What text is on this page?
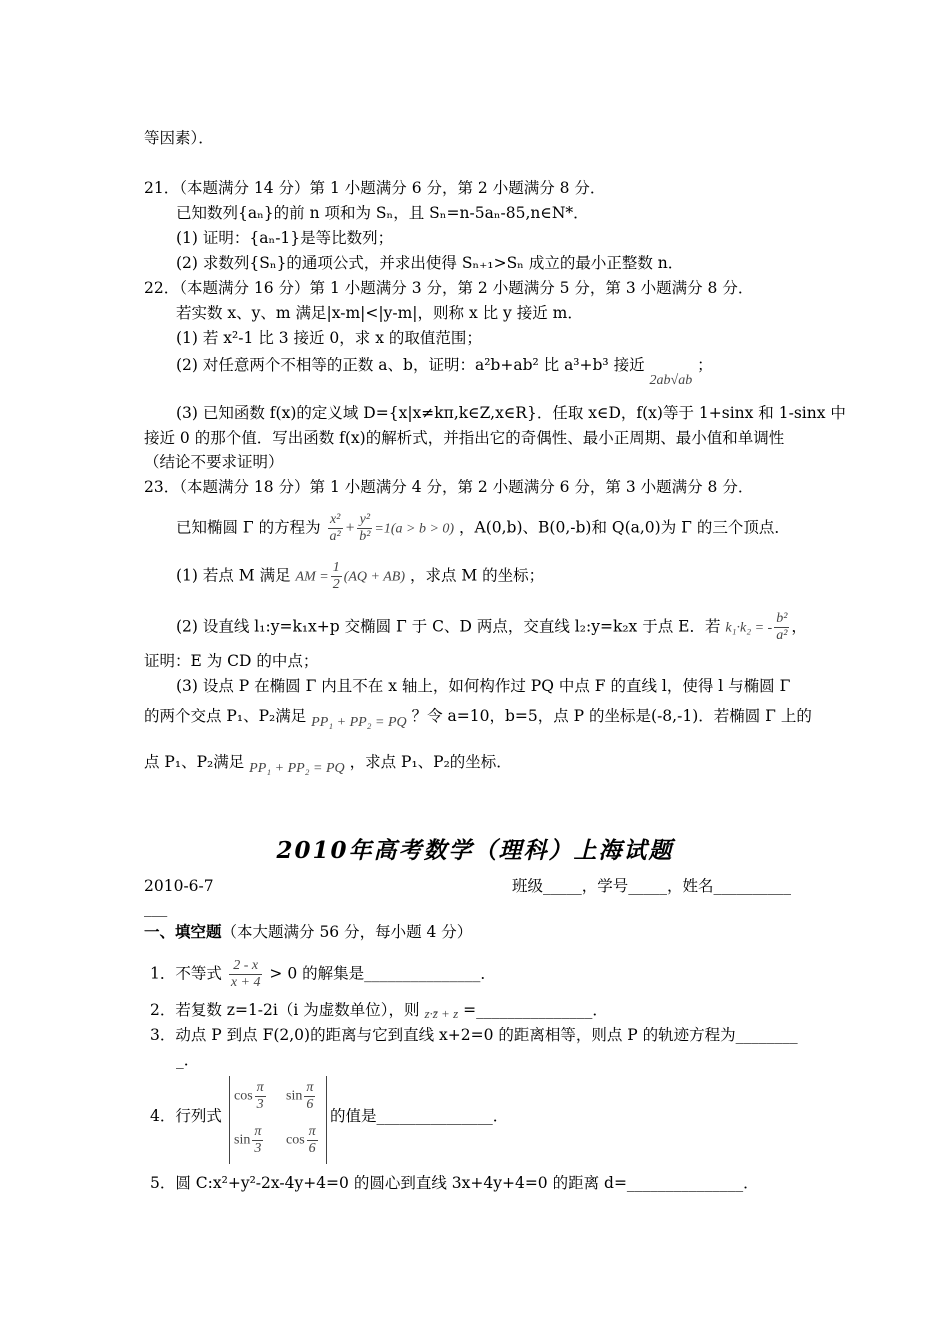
等因素）．
21．（本题满分 14 分）第 1 小题满分 6 分，第 2 小题满分 8 分．
已知数列{aₙ}的前 n 项和为 Sₙ，且 Sₙ=n-5aₙ-85,n∈N*．
(1) 证明：{aₙ-1}是等比数列；
(2) 求数列{Sₙ}的通项公式，并求出使得 Sₙ₊₁>Sₙ 成立的最小正整数 n．
22．（本题满分 16 分）第 1 小题满分 3 分，第 2 小题满分 5 分，第 3 小题满分 8 分．
若实数 x、y、m 满足|x-m|<|y-m|，则称 x 比 y 接近 m．
(1) 若 x²-1 比 3 接近 0，求 x 的取值范围；
(2) 对任意两个不相等的正数 a、b，证明：a²b+ab² 比 a³+b³ 接近 2ab√ab ；
(3) 已知函数 f(x)的定义域 D={x|x≠kπ,k∈Z,x∈R}．任取 x∈D，f(x)等于 1+sinx 和 1-sinx 中
接近 0 的那个值．写出函数 f(x)的解析式，并指出它的奇偶性、最小正周期、最小值和单调性
（结论不要求证明）
23．（本题满分 18 分）第 1 小题满分 4 分，第 2 小题满分 6 分，第 3 小题满分 8 分．
已知椭圆 Γ 的方程为 $\frac{\text{x²}}{\text{a²}} + \frac{\text{y²}}{\text{b²}} =1(a > b > 0)$ ，A(0,b)、B(0,-b)和 Q(a,0)为 Γ 的三个顶点．
(1) 若点 M 满足 AM = $\frac{1}{2} (AQ + AB)$ ，求点 M 的坐标；
(2) 设直线 l₁:y=k₁x+p 交椭圆 Γ 于 C、D 两点，交直线 l₂:y=k₂x 于点 E．若 k₁·k₂ = - $\frac{\text{b²}}{\text{a²}}$ ，
证明：E 为 CD 的中点；
(3) 设点 P 在椭圆 Γ 内且不在 x 轴上，如何构作过 PQ 中点 F 的直线 l，使得 l 与椭圆 Γ
的两个交点 P₁、P₂满足 PP₁ + PP₂ = PQ ？令 a=10，b=5，点 P 的坐标是(-8,-1)．若椭圆 Γ 上的
点 P₁、P₂满足 PP₁ + PP₂ = PQ ，求点 P₁、P₂的坐标．
2010年高考数学（理科）上海试题
2010-6-7	班级_____，学号_____，姓名__________
___
一、填空题（本大题满分 56 分，每小题 4 分）
1．不等式 $\frac{2 - x}{x + 4} > 0$ 的解集是_______________．
2．若复数 z=1-2i（i 为虚数单位），则 z·z̄ + z =_______________．
3．动点 P 到点 F(2,0)的距离与它到直线 x+2=0 的距离相等，则点 P 的轨迹方程为________
_．
4．行列式
$\cos \frac{\pi}{3}$ $\sin \frac{\pi}{6}$
$\sin \frac{\pi}{3}$ $\cos \frac{\pi}{6}$
的值是_______________．
5．圆 C:x²+y²-2x-4y+4=0 的圆心到直线 3x+4y+4=0 的距离 d=_______________．
